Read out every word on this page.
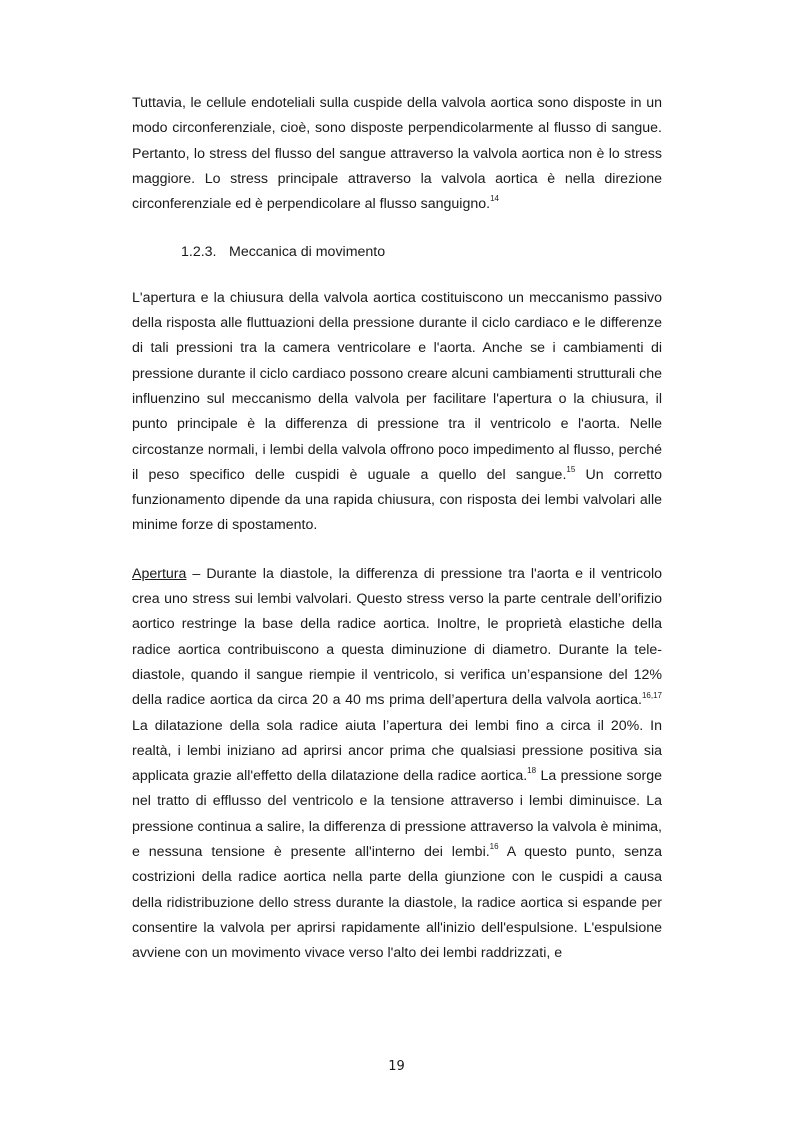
Tuttavia, le cellule endoteliali sulla cuspide della valvola aortica sono disposte in un modo circonferenziale, cioè, sono disposte perpendicolarmente al flusso di sangue. Pertanto, lo stress del flusso del sangue attraverso la valvola aortica non è lo stress maggiore. Lo stress principale attraverso la valvola aortica è nella direzione circonferenziale ed è perpendicolare al flusso sanguigno.$^{14}$

1.2.3. Meccanica di movimento

L'apertura e la chiusura della valvola aortica costituiscono un meccanismo passivo della risposta alle fluttuazioni della pressione durante il ciclo cardiaco e le differenze di tali pressioni tra la camera ventricolare e l'aorta. Anche se i cambiamenti di pressione durante il ciclo cardiaco possono creare alcuni cambiamenti strutturali che influenzino sul meccanismo della valvola per facilitare l'apertura o la chiusura, il punto principale è la differenza di pressione tra il ventricolo e l'aorta. Nelle circostanze normali, i lembi della valvola offrono poco impedimento al flusso, perché il peso specifico delle cuspidi è uguale a quello del sangue.$^{15}$ Un corretto funzionamento dipende da una rapida chiusura, con risposta dei lembi valvolari alle minime forze di spostamento.

Apertura – Durante la diastole, la differenza di pressione tra l'aorta e il ventricolo crea uno stress sui lembi valvolari. Questo stress verso la parte centrale dell’orifizio aortico restringe la base della radice aortica. Inoltre, le proprietà elastiche della radice aortica contribuiscono a questa diminuzione di diametro. Durante la tele-diastole, quando il sangue riempie il ventricolo, si verifica un’espansione del 12% della radice aortica da circa 20 a 40 ms prima dell’apertura della valvola aortica.$^{16,17}$ La dilatazione della sola radice aiuta l’apertura dei lembi fino a circa il 20%. In realtà, i lembi iniziano ad aprirsi ancor prima che qualsiasi pressione positiva sia applicata grazie all'effetto della dilatazione della radice aortica.$^{18}$ La pressione sorge nel tratto di efflusso del ventricolo e la tensione attraverso i lembi diminuisce. La pressione continua a salire, la differenza di pressione attraverso la valvola è minima, e nessuna tensione è presente all'interno dei lembi.$^{16}$ A questo punto, senza costrizioni della radice aortica nella parte della giunzione con le cuspidi a causa della ridistribuzione dello stress durante la diastole, la radice aortica si espande per consentire la valvola per aprirsi rapidamente all'inizio dell'espulsione. L'espulsione avviene con un movimento vivace verso l'alto dei lembi raddrizzati, e

19
